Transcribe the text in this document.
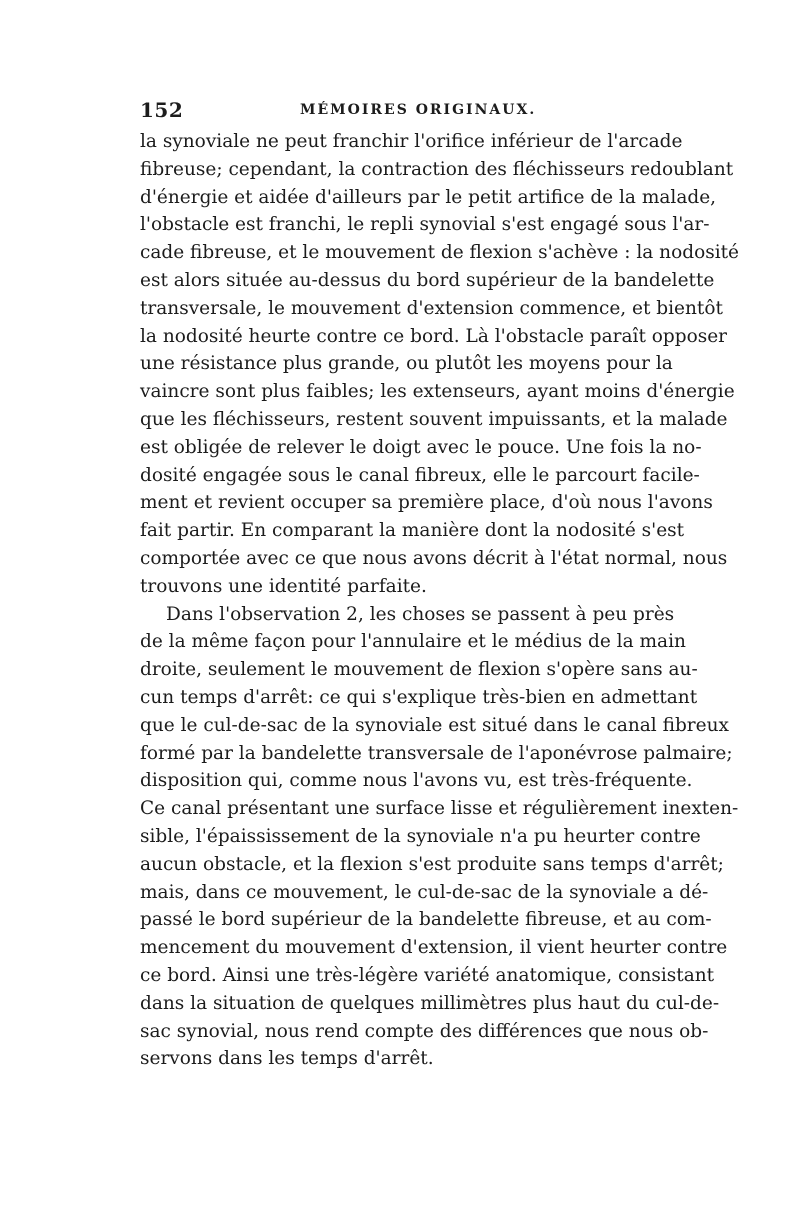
152	MÉMOIRES ORIGINAUX.
la synoviale ne peut franchir l'orifice inférieur de l'arcade
fibreuse; cependant, la contraction des fléchisseurs redoublant
d'énergie et aidée d'ailleurs par le petit artifice de la malade,
l'obstacle est franchi, le repli synovial s'est engagé sous l'ar-
cade fibreuse, et le mouvement de flexion s'achève : la nodosité
est alors située au-dessus du bord supérieur de la bandelette
transversale, le mouvement d'extension commence, et bientôt
la nodosité heurte contre ce bord. Là l'obstacle paraît opposer
une résistance plus grande, ou plutôt les moyens pour la
vaincre sont plus faibles; les extenseurs, ayant moins d'énergie
que les fléchisseurs, restent souvent impuissants, et la malade
est obligée de relever le doigt avec le pouce. Une fois la no-
dosité engagée sous le canal fibreux, elle le parcourt facile-
ment et revient occuper sa première place, d'où nous l'avons
fait partir. En comparant la manière dont la nodosité s'est
comportée avec ce que nous avons décrit à l'état normal, nous
trouvons une identité parfaite.
Dans l'observation 2, les choses se passent à peu près
de la même façon pour l'annulaire et le médius de la main
droite, seulement le mouvement de flexion s'opère sans au-
cun temps d'arrêt: ce qui s'explique très-bien en admettant
que le cul-de-sac de la synoviale est situé dans le canal fibreux
formé par la bandelette transversale de l'aponévrose palmaire;
disposition qui, comme nous l'avons vu, est très-fréquente.
Ce canal présentant une surface lisse et régulièrement inexten-
sible, l'épaississement de la synoviale n'a pu heurter contre
aucun obstacle, et la flexion s'est produite sans temps d'arrêt;
mais, dans ce mouvement, le cul-de-sac de la synoviale a dé-
passé le bord supérieur de la bandelette fibreuse, et au com-
mencement du mouvement d'extension, il vient heurter contre
ce bord. Ainsi une très-légère variété anatomique, consistant
dans la situation de quelques millimètres plus haut du cul-de-
sac synovial, nous rend compte des différences que nous ob-
servons dans les temps d'arrêt.
